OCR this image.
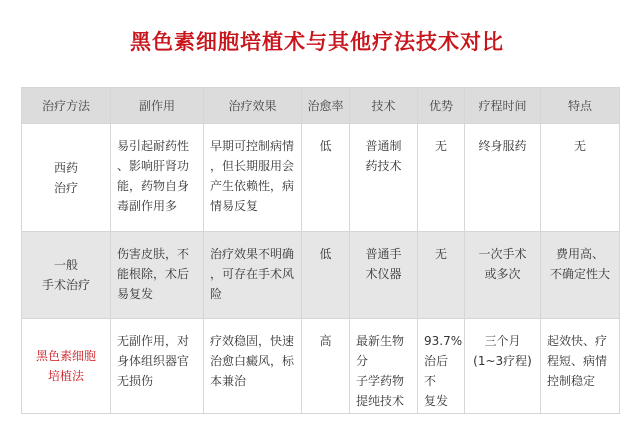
黑色素细胞培植术与其他疗法技术对比
治疗方法	副作用	治疗效果	治愈率	技术	优势	疗程时间	特点

西药
治疗	易引起耐药性
、影响肝肾功
能，药物自身
毒副作用多	早期可控制病情
，但长期服用会
产生依赖性，病
情易反复	低	普通制
药技术	无	终身服药	无

一般
手术治疗	伤害皮肤，不
能根除，术后
易复发	治疗效果不明确
，可存在手术风
险	低	普通手
术仪器	无	一次手术
或多次	费用高、
不确定性大

黑色素细胞
培植法	无副作用，对
身体组织器官
无损伤	疗效稳固，快速
治愈白癜风，标
本兼治	高	最新生物分
子学药物
提纯技术	93.7%
治后不
复发	三个月
(1~3疗程)	起效快、疗
程短、病情
控制稳定
